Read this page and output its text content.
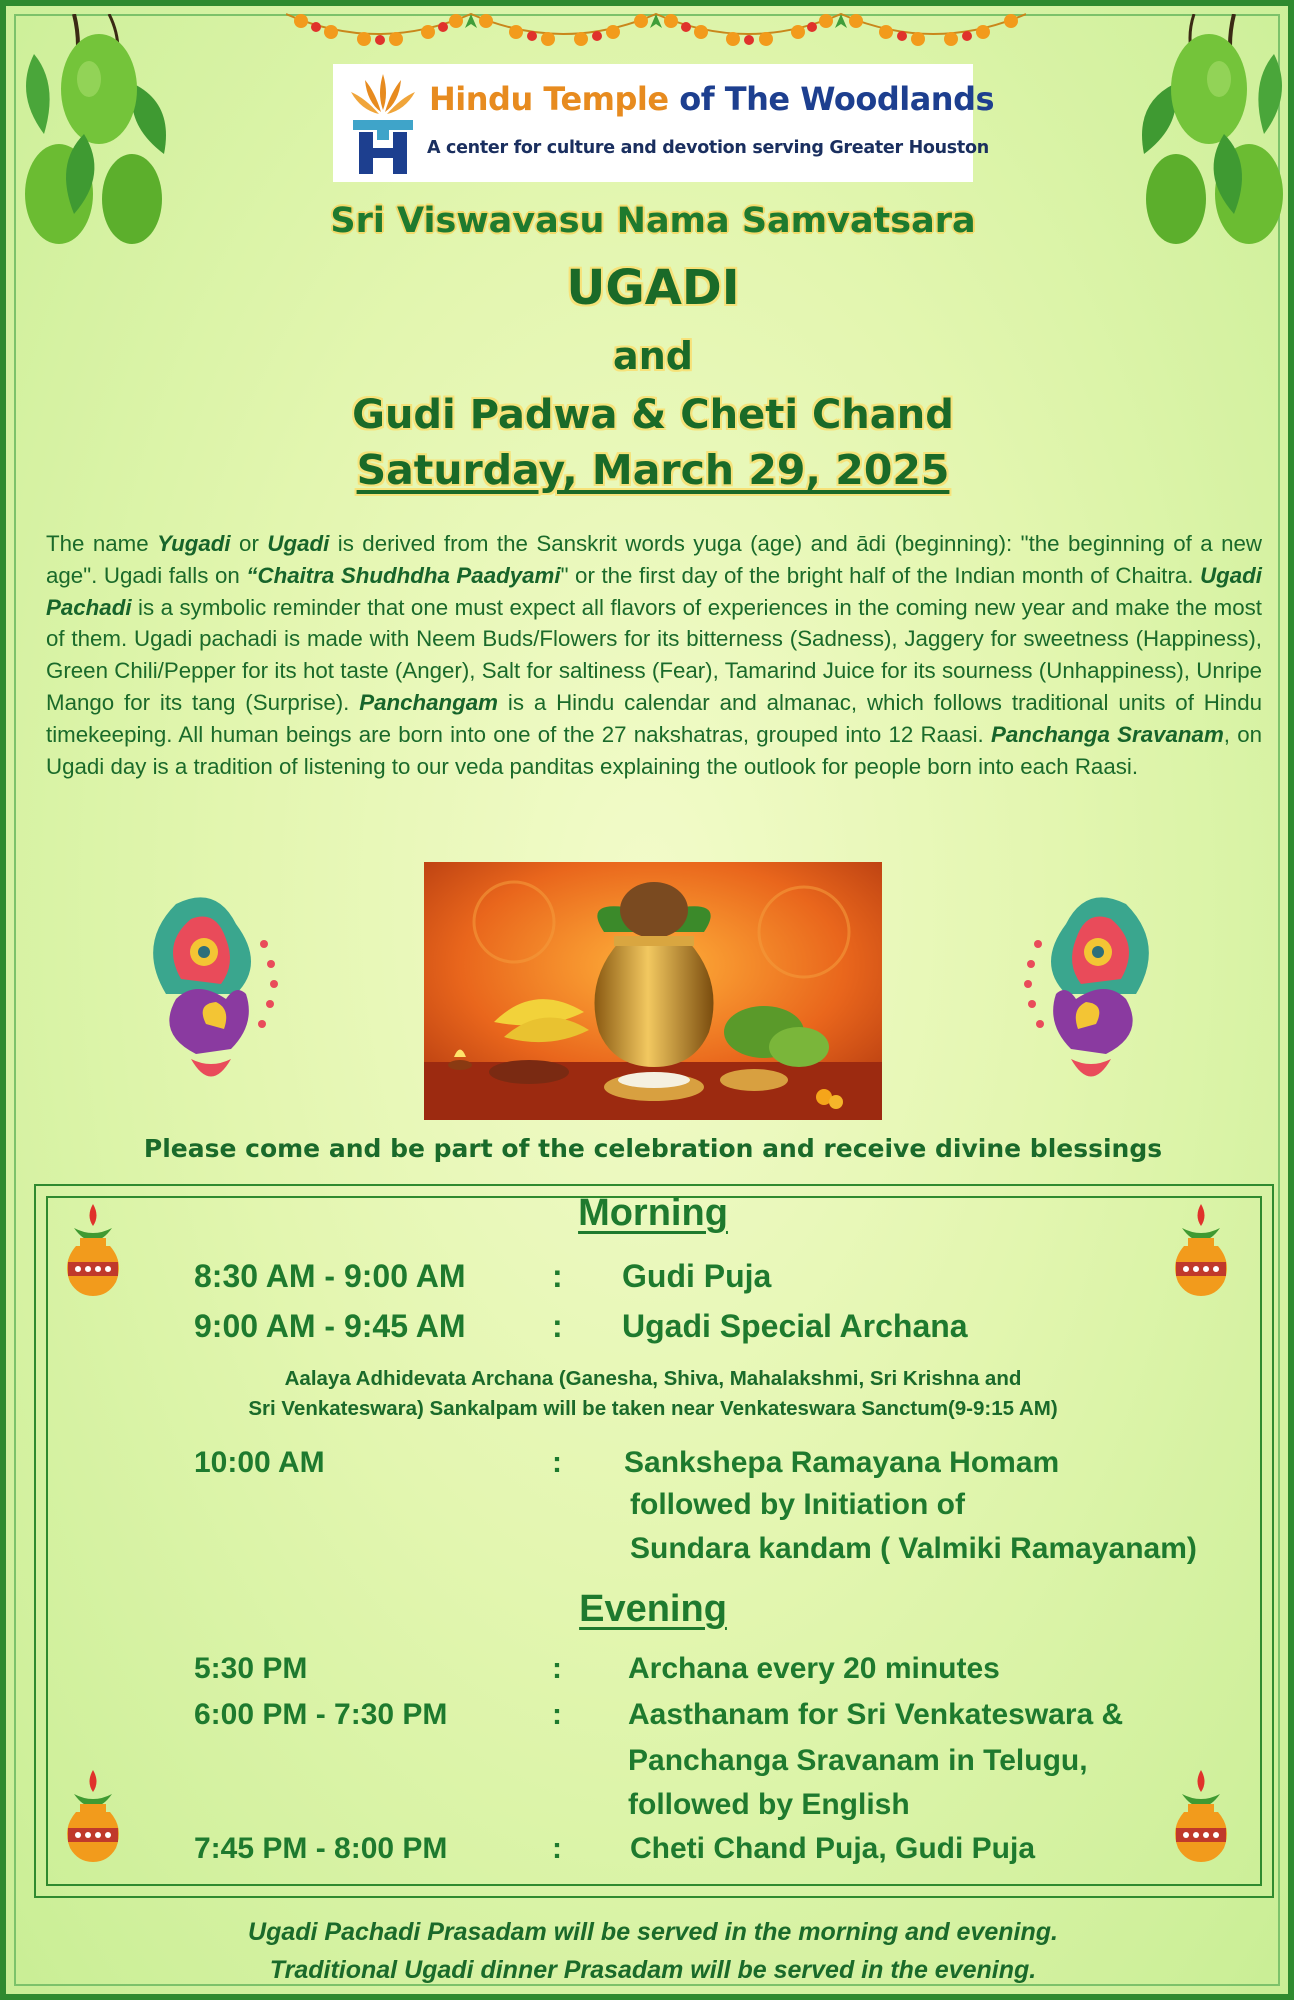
Hindu Temple of The Woodlands
A center for culture and devotion serving Greater Houston
Sri Viswavasu Nama Samvatsara
UGADI
and
Gudi Padwa & Cheti Chand
Saturday, March 29, 2025
The name Yugadi or Ugadi is derived from the Sanskrit words yuga (age) and ādi (beginning): "the beginning of a new age". Ugadi falls on “Chaitra Shudhdha Paadyami" or the first day of the bright half of the Indian month of Chaitra. Ugadi Pachadi is a symbolic reminder that one must expect all flavors of experiences in the coming new year and make the most of them. Ugadi pachadi is made with Neem Buds/Flowers for its bitterness (Sadness), Jaggery for sweetness (Happiness), Green Chili/Pepper for its hot taste (Anger), Salt for saltiness (Fear), Tamarind Juice for its sourness (Unhappiness), Unripe Mango for its tang (Surprise). Panchangam is a Hindu calendar and almanac, which follows traditional units of Hindu timekeeping. All human beings are born into one of the 27 nakshatras, grouped into 12 Raasi. Panchanga Sravanam, on Ugadi day is a tradition of listening to our veda panditas explaining the outlook for people born into each Raasi.
Please come and be part of the celebration and receive divine blessings
Morning
8:30 AM - 9:00 AM	: Gudi Puja
9:00 AM - 9:45 AM	: Ugadi Special Archana
Aalaya Adhidevata Archana (Ganesha, Shiva, Mahalakshmi, Sri Krishna and
Sri Venkateswara) Sankalpam will be taken near Venkateswara Sanctum(9-9:15 AM)
10:00 AM	: Sankshepa Ramayana Homam
followed by Initiation of
Sundara kandam ( Valmiki Ramayanam)
Evening
5:30 PM	: Archana every 20 minutes
6:00 PM - 7:30 PM	: Aasthanam for Sri Venkateswara &
Panchanga Sravanam in Telugu,
followed by English
7:45 PM - 8:00 PM	: Cheti Chand Puja, Gudi Puja
Ugadi Pachadi Prasadam will be served in the morning and evening.
Traditional Ugadi dinner Prasadam will be served in the evening.
